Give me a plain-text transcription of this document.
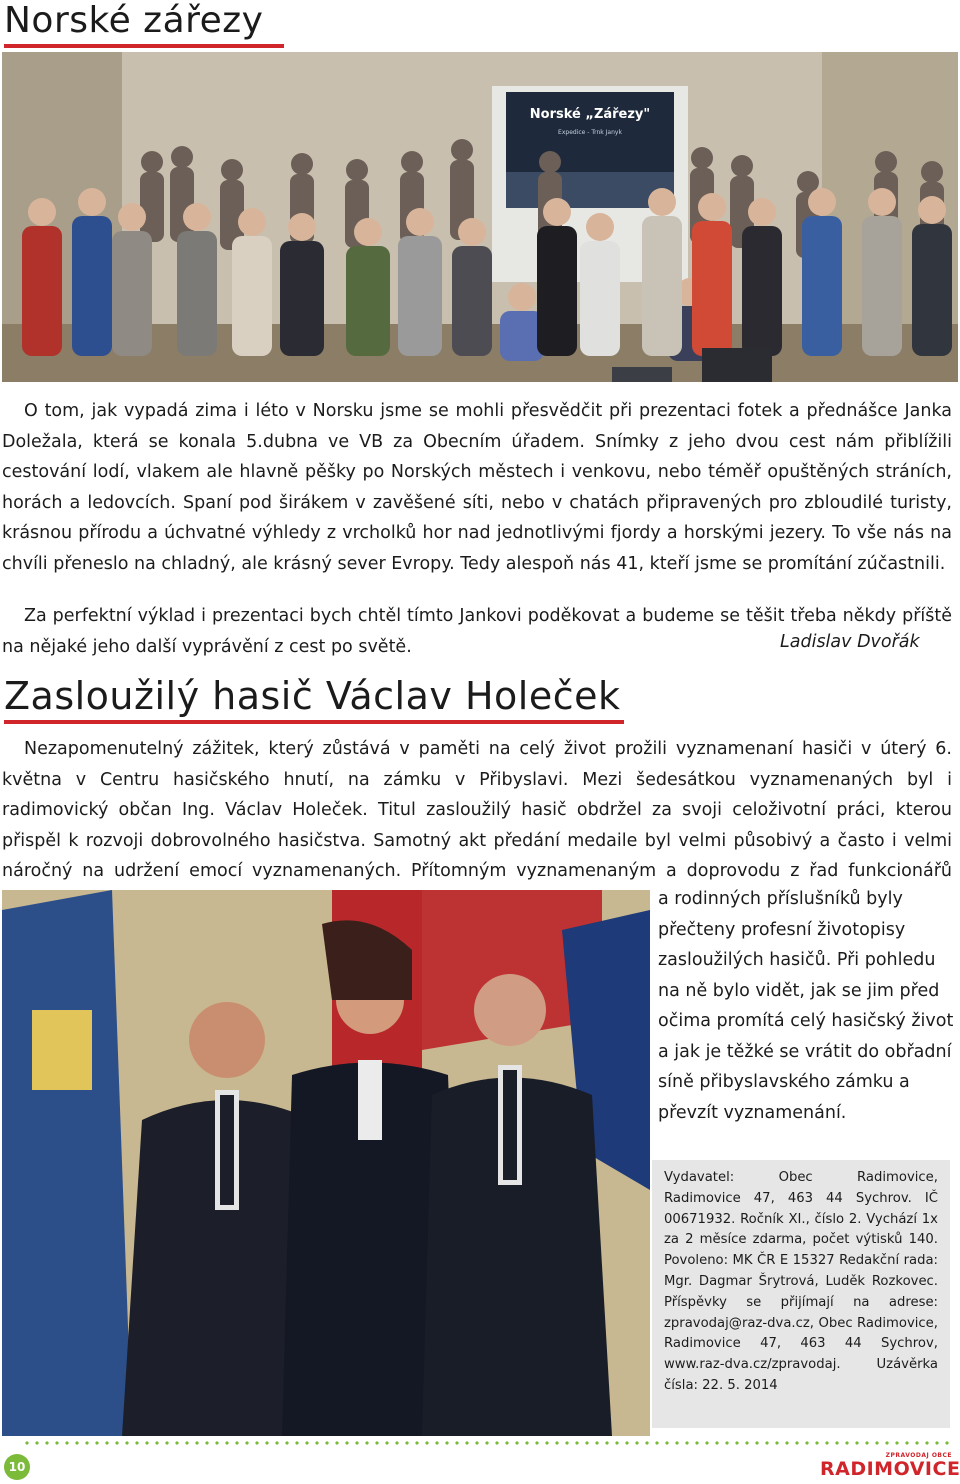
Norské zářezy
Norské „Zářezy"
Expedice - Trnk Janyk

O tom, jak vypadá zima i léto v Norsku jsme se mohli přesvědčit při prezentaci fotek a přednášce Janka Doležala, která se konala 5.dubna ve VB za Obecním úřadem. Snímky z jeho dvou cest nám přiblížili cestování lodí, vlakem ale hlavně pěšky po Norských městech i venkovu, nebo téměř opuštěných stráních, horách a ledovcích. Spaní pod širákem v zavěšené síti, nebo v chatách připravených pro zbloudilé turisty, krásnou přírodu a úchvatné výhledy z vrcholků hor nad jednotlivými fjordy a horskými jezery. To vše nás na chvíli přeneslo na chladný, ale krásný sever Evropy. Tedy alespoň nás 41, kteří jsme se promítání zúčastnili.

Za perfektní výklad i prezentaci bych chtěl tímto Jankovi poděkovat a budeme se těšit třeba někdy příště na nějaké jeho další vyprávění z cest po světě.	Ladislav Dvořák
Zasloužilý hasič Václav Holeček

Nezapomenutelný zážitek, který zůstává v paměti na celý život prožili vyznamenaní hasiči v úterý 6. května v Centru hasičského hnutí, na zámku v Přibyslavi. Mezi šedesátkou vyznamenaných byl i radimovický občan Ing. Václav Holeček. Titul zasloužilý hasič obdržel za svoji celoživotní práci, kterou přispěl k rozvoji dobrovolného hasičstva. Samotný akt předání medaile byl velmi působivý a často i velmi náročný na udržení emocí vyznamenaných. Přítomným vyznamenaným a doprovodu z řad funkcionářů

a rodinných příslušníků byly přečteny profesní životopisy zasloužilých hasičů. Při pohledu na ně bylo vidět, jak se jim před očima promítá celý hasičský život a jak je těžké se vrátit do obřadní síně přibyslavského zámku a převzít vyznamenání.

Vydavatel: Obec Radimovice, Radimovice 47, 463 44 Sychrov. IČ 00671932. Ročník XI., číslo 2. Vychází 1x za 2 měsíce zdarma, počet výtisků 140. Povoleno: MK ČR E 15327 Redakční rada: Mgr. Dagmar Šrytrová, Luděk Rozkovec. Příspěvky se přijímají na adrese: zpravodaj@raz-dva.cz, Obec Radimovice, Radimovice 47, 463 44 Sychrov, www.raz-dva.cz/zpravodaj. Uzávěrka čísla: 22. 5. 2014
10
ZPRAVODAJ OBCE
RADIMOVICE
